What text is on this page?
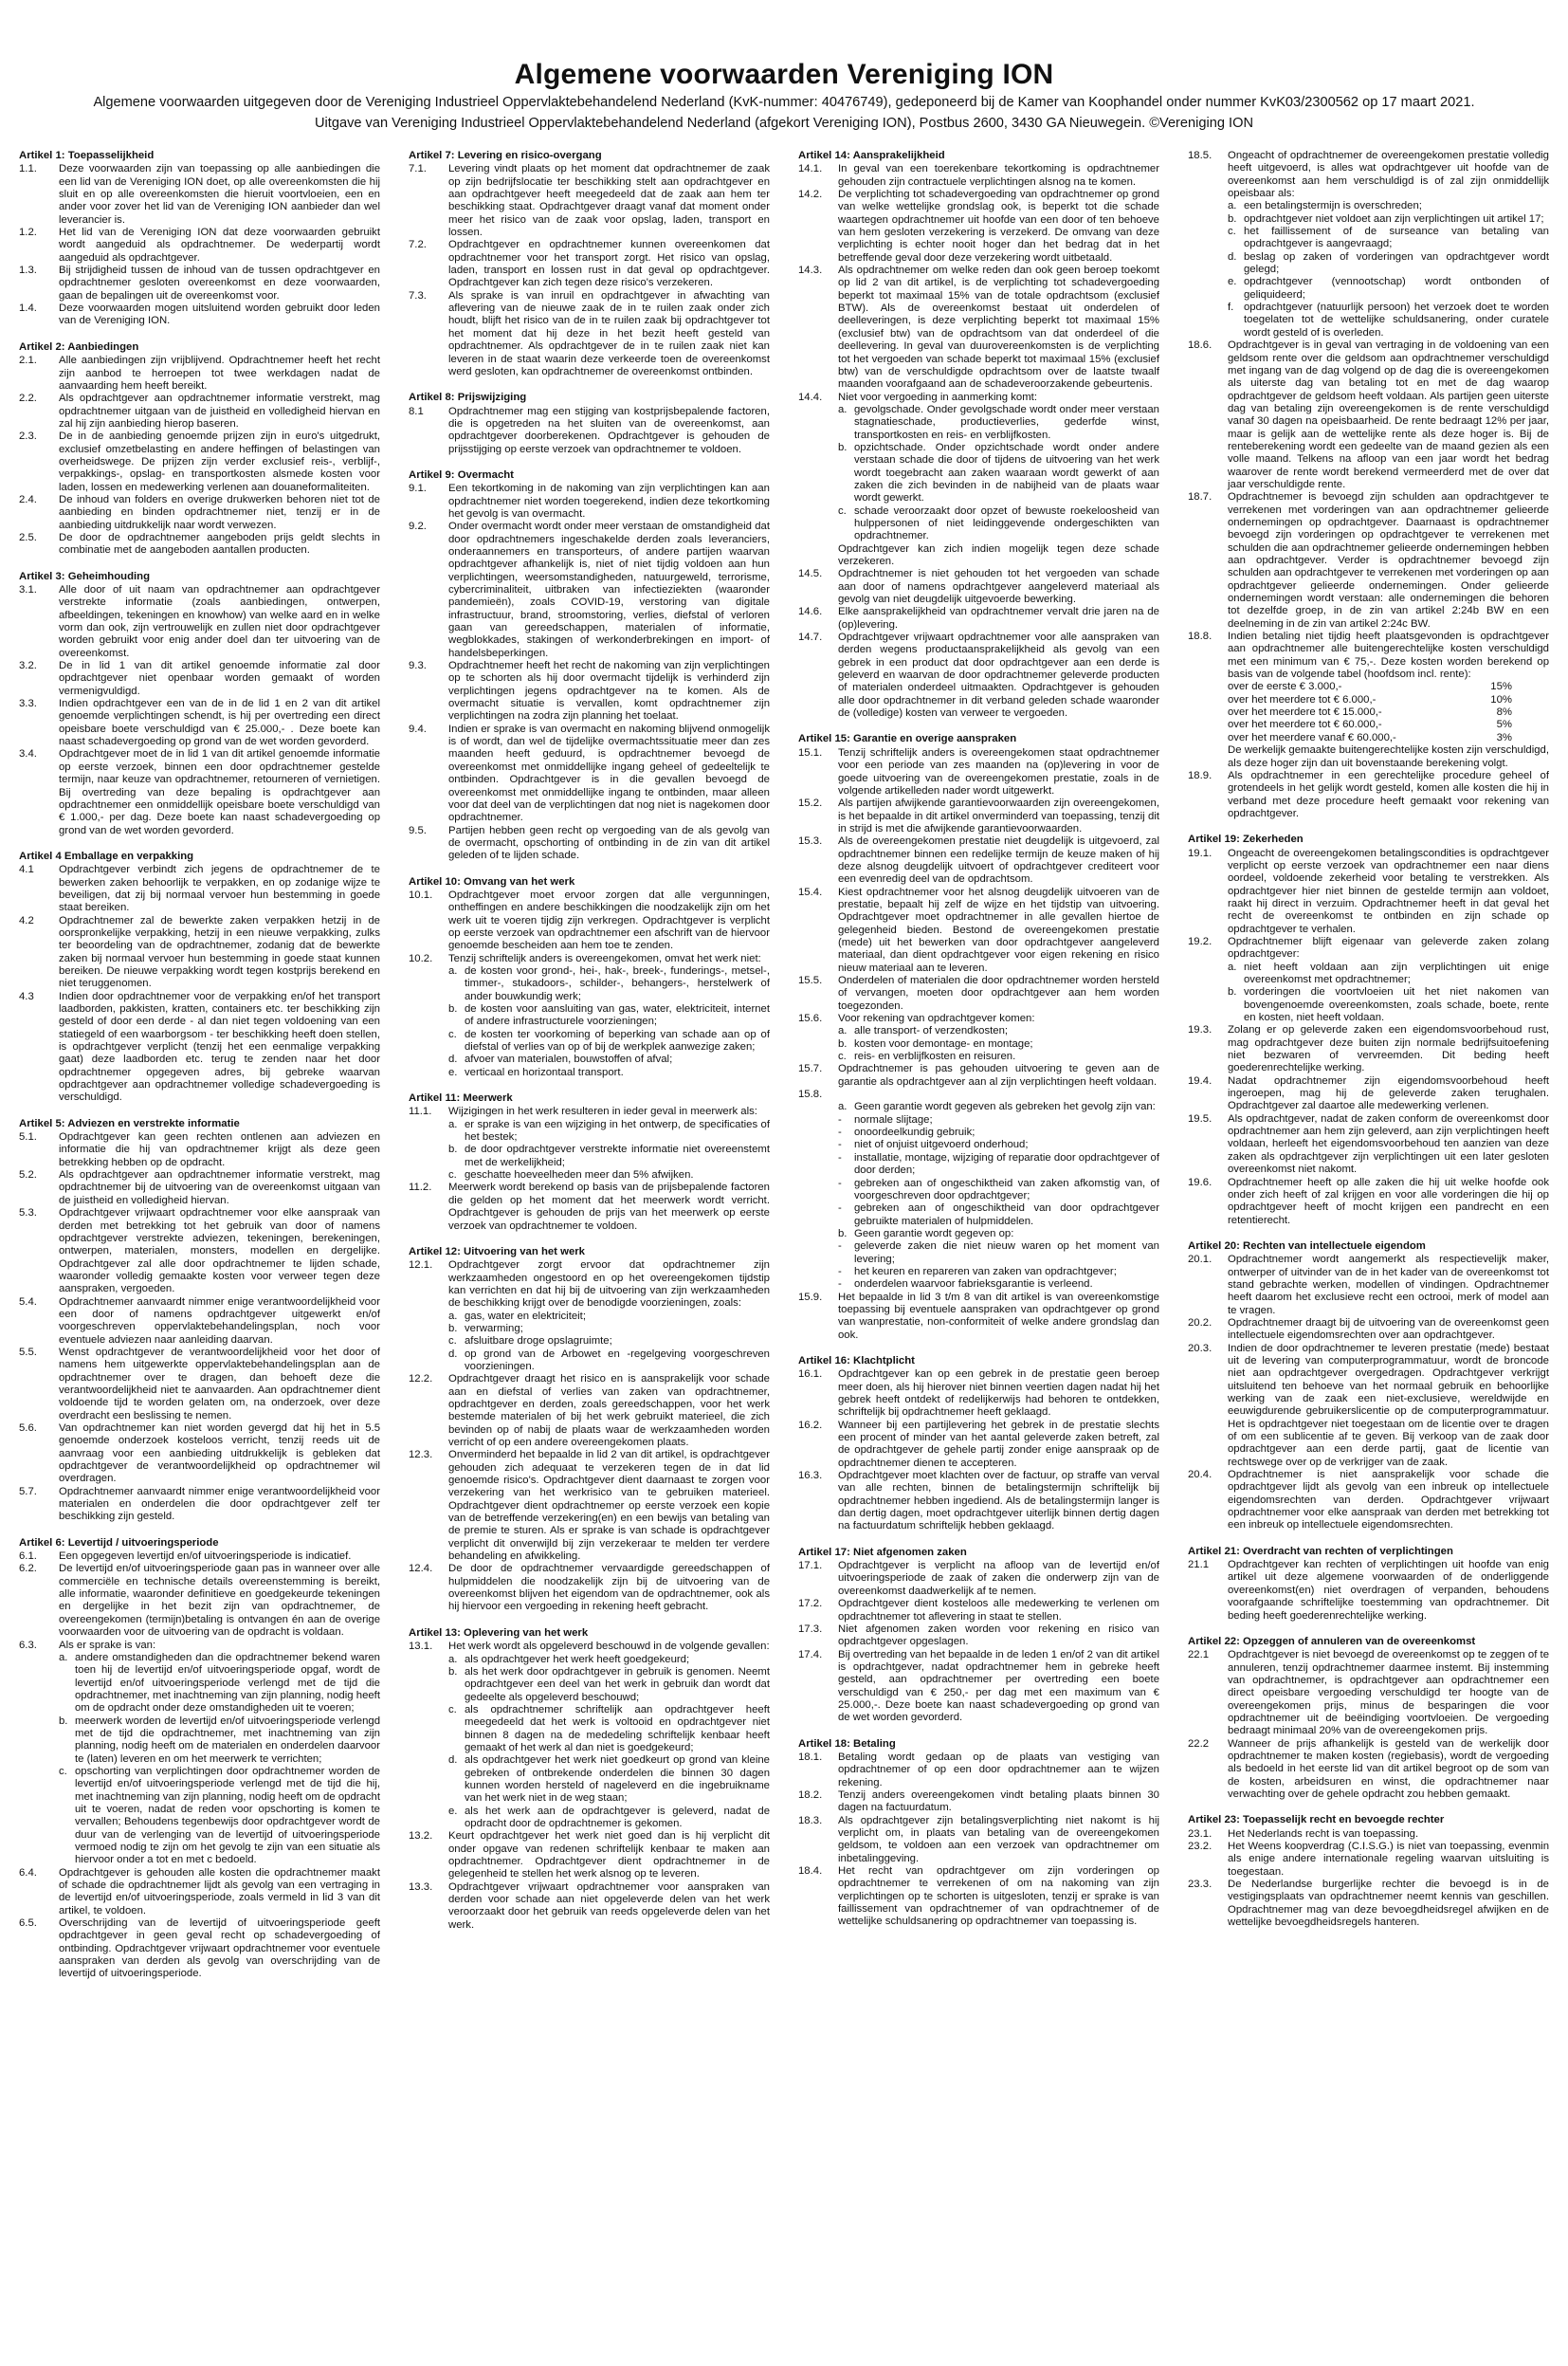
Algemene voorwaarden Vereniging ION

Algemene voorwaarden uitgegeven door de Vereniging Industrieel Oppervlaktebehandelend Nederland (KvK-nummer: 40476749), gedeponeerd bij de Kamer van Koophandel onder nummer KvK03/2300562 op 17 maart 2021.

Uitgave van Vereniging Industrieel Oppervlaktebehandelend Nederland (afgekort Vereniging ION), Postbus 2600, 3430 GA Nieuwegein. ©Vereniging ION

Artikel 1: Toepasselijkheid
1.1.	Deze voorwaarden zijn van toepassing op alle aanbiedingen die een lid van de Vereniging ION doet, op alle overeenkomsten die hij sluit en op alle overeenkomsten die hieruit voortvloeien, een en ander voor zover het lid van de Vereniging ION aanbieder dan wel leverancier is.
1.2.	Het lid van de Vereniging ION dat deze voorwaarden gebruikt wordt aangeduid als opdrachtnemer. De wederpartij wordt aangeduid als opdrachtgever.
1.3.	Bij strijdigheid tussen de inhoud van de tussen opdrachtgever en opdrachtnemer gesloten overeenkomst en deze voorwaarden, gaan de bepalingen uit de overeenkomst voor.
1.4.	Deze voorwaarden mogen uitsluitend worden gebruikt door leden van de Vereniging ION.
Artikel 2: Aanbiedingen
2.1.	Alle aanbiedingen zijn vrijblijvend. Opdrachtnemer heeft het recht zijn aanbod te herroepen tot twee werkdagen nadat de aanvaarding hem heeft bereikt.
2.2.	Als opdrachtgever aan opdrachtnemer informatie verstrekt, mag opdrachtnemer uitgaan van de juistheid en volledigheid hiervan en zal hij zijn aanbieding hierop baseren.
2.3.	De in de aanbieding genoemde prijzen zijn in euro's uitgedrukt, exclusief omzetbelasting en andere heffingen of belastingen van overheidswege. De prijzen zijn verder exclusief reis-, verblijf-, verpakkings-, opslag- en transportkosten alsmede kosten voor laden, lossen en medewerking verlenen aan douaneformaliteiten.
2.4.	De inhoud van folders en overige drukwerken behoren niet tot de aanbieding en binden opdrachtnemer niet, tenzij er in de aanbieding uitdrukkelijk naar wordt verwezen.
2.5.	De door de opdrachtnemer aangeboden prijs geldt slechts in combinatie met de aangeboden aantallen producten.
Artikel 3: Geheimhouding
3.1.	Alle door of uit naam van opdrachtnemer aan opdrachtgever verstrekte informatie (zoals aanbiedingen, ontwerpen, afbeeldingen, tekeningen en knowhow) van welke aard en in welke vorm dan ook, zijn vertrouwelijk en zullen niet door opdrachtgever worden gebruikt voor enig ander doel dan ter uitvoering van de overeenkomst.
3.2.	De in lid 1 van dit artikel genoemde informatie zal door opdrachtgever niet openbaar worden gemaakt of worden vermenigvuldigd.
3.3.	Indien opdrachtgever een van de in de lid 1 en 2 van dit artikel genoemde verplichtingen schendt, is hij per overtreding een direct opeisbare boete verschuldigd van € 25.000,- . Deze boete kan naast schadevergoeding op grond van de wet worden gevorderd.
3.4.	Opdrachtgever moet de in lid 1 van dit artikel genoemde informatie op eerste verzoek, binnen een door opdrachtnemer gestelde termijn, naar keuze van opdrachtnemer, retourneren of vernietigen. Bij overtreding van deze bepaling is opdrachtgever aan opdrachtnemer een onmiddellijk opeisbare boete verschuldigd van € 1.000,- per dag. Deze boete kan naast schadevergoeding op grond van de wet worden gevorderd.
Artikel 4 Emballage en verpakking
4.1	Opdrachtgever verbindt zich jegens de opdrachtnemer de te bewerken zaken behoorlijk te verpakken, en op zodanige wijze te beveiligen, dat zij bij normaal vervoer hun bestemming in goede staat bereiken.
4.2	Opdrachtnemer zal de bewerkte zaken verpakken hetzij in de oorspronkelijke verpakking, hetzij in een nieuwe verpakking, zulks ter beoordeling van de opdrachtnemer, zodanig dat de bewerkte zaken bij normaal vervoer hun bestemming in goede staat kunnen bereiken. De nieuwe verpakking wordt tegen kostprijs berekend en niet teruggenomen.
4.3	Indien door opdrachtnemer voor de verpakking en/of het transport laadborden, pakkisten, kratten, containers etc. ter beschikking zijn gesteld of door een derde - al dan niet tegen voldoening van een statiegeld of een waarborgsom - ter beschikking heeft doen stellen, is opdrachtgever verplicht (tenzij het een eenmalige verpakking gaat) deze laadborden etc. terug te zenden naar het door opdrachtnemer opgegeven adres, bij gebreke waarvan opdrachtgever aan opdrachtnemer volledige schadevergoeding is verschuldigd.
Artikel 5: Adviezen en verstrekte informatie
5.1.	Opdrachtgever kan geen rechten ontlenen aan adviezen en informatie die hij van opdrachtnemer krijgt als deze geen betrekking hebben op de opdracht.
5.2.	Als opdrachtgever aan opdrachtnemer informatie verstrekt, mag opdrachtnemer bij de uitvoering van de overeenkomst uitgaan van de juistheid en volledigheid hiervan.
5.3.	Opdrachtgever vrijwaart opdrachtnemer voor elke aanspraak van derden met betrekking tot het gebruik van door of namens opdrachtgever verstrekte adviezen, tekeningen, berekeningen, ontwerpen, materialen, monsters, modellen en dergelijke. Opdrachtgever zal alle door opdrachtnemer te lijden schade, waaronder volledig gemaakte kosten voor verweer tegen deze aanspraken, vergoeden.
5.4.	Opdrachtnemer aanvaardt nimmer enige verantwoordelijkheid voor een door of namens opdrachtgever uitgewerkt en/of voorgeschreven oppervlaktebehandelingsplan, noch voor eventuele adviezen naar aanleiding daarvan.
5.5.	Wenst opdrachtgever de verantwoordelijkheid voor het door of namens hem uitgewerkte oppervlaktebehandelingsplan aan de opdrachtnemer over te dragen, dan behoeft deze die verantwoordelijkheid niet te aanvaarden. Aan opdrachtnemer dient voldoende tijd te worden gelaten om, na onderzoek, over deze overdracht een beslissing te nemen.
5.6.	Van opdrachtnemer kan niet worden gevergd dat hij het in 5.5 genoemde onderzoek kosteloos verricht, tenzij reeds uit de aanvraag voor een aanbieding uitdrukkelijk is gebleken dat opdrachtgever de verantwoordelijkheid op opdrachtnemer wil overdragen.
5.7.	Opdrachtnemer aanvaardt nimmer enige verantwoordelijkheid voor materialen en onderdelen die door opdrachtgever zelf ter beschikking zijn gesteld.
Artikel 6: Levertijd / uitvoeringsperiode
6.1.	Een opgegeven levertijd en/of uitvoeringsperiode is indicatief.
6.2.	De levertijd en/of uitvoeringsperiode gaan pas in wanneer over alle commerciële en technische details overeenstemming is bereikt, alle informatie, waaronder definitieve en goedgekeurde tekeningen en dergelijke in het bezit zijn van opdrachtnemer, de overeengekomen (termijn)betaling is ontvangen én aan de overige voorwaarden voor de uitvoering van de opdracht is voldaan.
6.3.	Als er sprake is van:
a. andere omstandigheden dan die opdrachtnemer bekend waren toen hij de levertijd en/of uitvoeringsperiode opgaf, wordt de levertijd en/of uitvoeringsperiode verlengd met de tijd die opdrachtnemer, met inachtneming van zijn planning, nodig heeft om de opdracht onder deze omstandigheden uit te voeren;
b. meerwerk worden de levertijd en/of uitvoeringsperiode verlengd met de tijd die opdrachtnemer, met inachtneming van zijn planning, nodig heeft om de materialen en onderdelen daarvoor te (laten) leveren en om het meerwerk te verrichten;
c. opschorting van verplichtingen door opdrachtnemer worden de levertijd en/of uitvoeringsperiode verlengd met de tijd die hij, met inachtneming van zijn planning, nodig heeft om de opdracht uit te voeren, nadat de reden voor opschorting is komen te vervallen; Behoudens tegenbewijs door opdrachtgever wordt de duur van de verlenging van de levertijd of uitvoeringsperiode vermoed nodig te zijn om het gevolg te zijn van een situatie als hiervoor onder a tot en met c bedoeld.
6.4.	Opdrachtgever is gehouden alle kosten die opdrachtnemer maakt of schade die opdrachtnemer lijdt als gevolg van een vertraging in de levertijd en/of uitvoeringsperiode, zoals vermeld in lid 3 van dit artikel, te voldoen.
6.5.	Overschrijding van de levertijd of uitvoeringsperiode geeft opdrachtgever in geen geval recht op schadevergoeding of ontbinding. Opdrachtgever vrijwaart opdrachtnemer voor eventuele aanspraken van derden als gevolg van overschrijding van de levertijd of uitvoeringsperiode.
Artikel 7: Levering en risico-overgang
7.1.	Levering vindt plaats op het moment dat opdrachtnemer de zaak op zijn bedrijfslocatie ter beschikking stelt aan opdrachtgever en aan opdrachtgever heeft meegedeeld dat de zaak aan hem ter beschikking staat. Opdrachtgever draagt vanaf dat moment onder meer het risico van de zaak voor opslag, laden, transport en lossen.
7.2.	Opdrachtgever en opdrachtnemer kunnen overeenkomen dat opdrachtnemer voor het transport zorgt. Het risico van opslag, laden, transport en lossen rust in dat geval op opdrachtgever. Opdrachtgever kan zich tegen deze risico's verzekeren.
7.3.	Als sprake is van inruil en opdrachtgever in afwachting van aflevering van de nieuwe zaak de in te ruilen zaak onder zich houdt, blijft het risico van de in te ruilen zaak bij opdrachtgever tot het moment dat hij deze in het bezit heeft gesteld van opdrachtnemer. Als opdrachtgever de in te ruilen zaak niet kan leveren in de staat waarin deze verkeerde toen de overeenkomst werd gesloten, kan opdrachtnemer de overeenkomst ontbinden.
Artikel 8: Prijswijziging
8.1	Opdrachtnemer mag een stijging van kostprijsbepalende factoren, die is opgetreden na het sluiten van de overeenkomst, aan opdrachtgever doorberekenen. Opdrachtgever is gehouden de prijsstijging op eerste verzoek van opdrachtnemer te voldoen.
Artikel 9: Overmacht
9.1.	Een tekortkoming in de nakoming van zijn verplichtingen kan aan opdrachtnemer niet worden toegerekend, indien deze tekortkoming het gevolg is van overmacht.
9.2.	Onder overmacht wordt onder meer verstaan de omstandigheid dat door opdrachtnemers ingeschakelde derden zoals leveranciers, onderaannemers en transporteurs, of andere partijen waarvan opdrachtgever afhankelijk is, niet of niet tijdig voldoen aan hun verplichtingen, weersomstandigheden, natuurgeweld, terrorisme, cybercriminaliteit, uitbraken van infectieziekten (waaronder pandemieën), zoals COVID-19, verstoring van digitale infrastructuur, brand, stroomstoring, verlies, diefstal of verloren gaan van gereedschappen, materialen of informatie, wegblokkades, stakingen of werkonderbrekingen en import- of handelsbeperkingen.
9.3.	Opdrachtnemer heeft het recht de nakoming van zijn verplichtingen op te schorten als hij door overmacht tijdelijk is verhinderd zijn verplichtingen jegens opdrachtgever na te komen. Als de overmacht situatie is vervallen, komt opdrachtnemer zijn verplichtingen na zodra zijn planning het toelaat.
9.4.	Indien er sprake is van overmacht en nakoming blijvend onmogelijk is of wordt, dan wel de tijdelijke overmachtssituatie meer dan zes maanden heeft geduurd, is opdrachtnemer bevoegd de overeenkomst met onmiddellijke ingang geheel of gedeeltelijk te ontbinden. Opdrachtgever is in die gevallen bevoegd de overeenkomst met onmiddellijke ingang te ontbinden, maar alleen voor dat deel van de verplichtingen dat nog niet is nagekomen door opdrachtnemer.
9.5.	Partijen hebben geen recht op vergoeding van de als gevolg van de overmacht, opschorting of ontbinding in de zin van dit artikel geleden of te lijden schade.
Artikel 10: Omvang van het werk
10.1.	Opdrachtgever moet ervoor zorgen dat alle vergunningen, ontheffingen en andere beschikkingen die noodzakelijk zijn om het werk uit te voeren tijdig zijn verkregen. Opdrachtgever is verplicht op eerste verzoek van opdrachtnemer een afschrift van de hiervoor genoemde bescheiden aan hem toe te zenden.
10.2.	Tenzij schriftelijk anders is overeengekomen, omvat het werk niet:
a. de kosten voor grond-, hei-, hak-, breek-, funderings-, metsel-, timmer-, stukadoors-, schilder-, behangers-, herstelwerk of ander bouwkundig werk;
b. de kosten voor aansluiting van gas, water, elektriciteit, internet of andere infrastructurele voorzieningen;
c. de kosten ter voorkoming of beperking van schade aan op of diefstal of verlies van op of bij de werkplek aanwezige zaken;
d. afvoer van materialen, bouwstoffen of afval;
e. verticaal en horizontaal transport.
Artikel 11: Meerwerk
11.1.	Wijzigingen in het werk resulteren in ieder geval in meerwerk als:
a. er sprake is van een wijziging in het ontwerp, de specificaties of het bestek;
b. de door opdrachtgever verstrekte informatie niet overeenstemt met de werkelijkheid;
c. geschatte hoeveelheden meer dan 5% afwijken.
11.2.	Meerwerk wordt berekend op basis van de prijsbepalende factoren die gelden op het moment dat het meerwerk wordt verricht. Opdrachtgever is gehouden de prijs van het meerwerk op eerste verzoek van opdrachtnemer te voldoen.
Artikel 12: Uitvoering van het werk
12.1.	Opdrachtgever zorgt ervoor dat opdrachtnemer zijn werkzaamheden ongestoord en op het overeengekomen tijdstip kan verrichten en dat hij bij de uitvoering van zijn werkzaamheden de beschikking krijgt over de benodigde voorzieningen, zoals:
a. gas, water en elektriciteit;
b. verwarming;
c. afsluitbare droge opslagruimte;
d. op grond van de Arbowet en -regelgeving voorgeschreven voorzieningen.
12.2.	Opdrachtgever draagt het risico en is aansprakelijk voor schade aan en diefstal of verlies van zaken van opdrachtnemer, opdrachtgever en derden, zoals gereedschappen, voor het werk bestemde materialen of bij het werk gebruikt materieel, die zich bevinden op of nabij de plaats waar de werkzaamheden worden verricht of op een andere overeengekomen plaats.
12.3.	Onverminderd het bepaalde in lid 2 van dit artikel, is opdrachtgever gehouden zich adequaat te verzekeren tegen de in dat lid genoemde risico's. Opdrachtgever dient daarnaast te zorgen voor verzekering van het werkrisico van te gebruiken materieel. Opdrachtgever dient opdrachtnemer op eerste verzoek een kopie van de betreffende verzekering(en) en een bewijs van betaling van de premie te sturen. Als er sprake is van schade is opdrachtgever verplicht dit onverwijld bij zijn verzekeraar te melden ter verdere behandeling en afwikkeling.
12.4.	De door de opdrachtnemer vervaardigde gereedschappen of hulpmiddelen die noodzakelijk zijn bij de uitvoering van de overeenkomst blijven het eigendom van de opdrachtnemer, ook als hij hiervoor een vergoeding in rekening heeft gebracht.
Artikel 13: Oplevering van het werk
13.1.	Het werk wordt als opgeleverd beschouwd in de volgende gevallen:
a. als opdrachtgever het werk heeft goedgekeurd;
b. als het werk door opdrachtgever in gebruik is genomen. Neemt opdrachtgever een deel van het werk in gebruik dan wordt dat gedeelte als opgeleverd beschouwd;
c. als opdrachtnemer schriftelijk aan opdrachtgever heeft meegedeeld dat het werk is voltooid en opdrachtgever niet binnen 8 dagen na de mededeling schriftelijk kenbaar heeft gemaakt of het werk al dan niet is goedgekeurd;
d. als opdrachtgever het werk niet goedkeurt op grond van kleine gebreken of ontbrekende onderdelen die binnen 30 dagen kunnen worden hersteld of nageleverd en die ingebruikname van het werk niet in de weg staan;
e. als het werk aan de opdrachtgever is geleverd, nadat de opdracht door de opdrachtnemer is gekomen.
13.2.	Keurt opdrachtgever het werk niet goed dan is hij verplicht dit onder opgave van redenen schriftelijk kenbaar te maken aan opdrachtnemer. Opdrachtgever dient opdrachtnemer in de gelegenheid te stellen het werk alsnog op te leveren.
13.3.	Opdrachtgever vrijwaart opdrachtnemer voor aanspraken van derden voor schade aan niet opgeleverde delen van het werk veroorzaakt door het gebruik van reeds opgeleverde delen van het werk.
Artikel 14: Aansprakelijkheid
14.1.	In geval van een toerekenbare tekortkoming is opdrachtnemer gehouden zijn contractuele verplichtingen alsnog na te komen.
14.2.	De verplichting tot schadevergoeding van opdrachtnemer op grond van welke wettelijke grondslag ook, is beperkt tot die schade waartegen opdrachtnemer uit hoofde van een door of ten behoeve van hem gesloten verzekering is verzekerd. De omvang van deze verplichting is echter nooit hoger dan het bedrag dat in het betreffende geval door deze verzekering wordt uitbetaald.
14.3.	Als opdrachtnemer om welke reden dan ook geen beroep toekomt op lid 2 van dit artikel, is de verplichting tot schadevergoeding beperkt tot maximaal 15% van de totale opdrachtsom (exclusief BTW). Als de overeenkomst bestaat uit onderdelen of deelleveringen, is deze verplichting beperkt tot maximaal 15% (exclusief btw) van de opdrachtsom van dat onderdeel of die deellevering. In geval van duurovereenkomsten is de verplichting tot het vergoeden van schade beperkt tot maximaal 15% (exclusief btw) van de verschuldigde opdrachtsom over de laatste twaalf maanden voorafgaand aan de schadeveroorzakende gebeurtenis.
14.4.	Niet voor vergoeding in aanmerking komt:
a. gevolgschade. Onder gevolgschade wordt onder meer verstaan stagnatieschade, productieverlies, gederfde winst, transportkosten en reis- en verblijfkosten.
b. opzichtschade. Onder opzichtschade wordt onder andere verstaan schade die door of tijdens de uitvoering van het werk wordt toegebracht aan zaken waaraan wordt gewerkt of aan zaken die zich bevinden in de nabijheid van de plaats waar wordt gewerkt.
c. schade veroorzaakt door opzet of bewuste roekeloosheid van hulppersonen of niet leidinggevende ondergeschikten van opdrachtnemer.
Opdrachtgever kan zich indien mogelijk tegen deze schade verzekeren.
14.5.	Opdrachtnemer is niet gehouden tot het vergoeden van schade aan door of namens opdrachtgever aangeleverd materiaal als gevolg van niet deugdelijk uitgevoerde bewerking.
14.6.	Elke aansprakelijkheid van opdrachtnemer vervalt drie jaren na de (op)levering.
14.7.	Opdrachtgever vrijwaart opdrachtnemer voor alle aanspraken van derden wegens productaansprakelijkheid als gevolg van een gebrek in een product dat door opdrachtgever aan een derde is geleverd en waarvan de door opdrachtnemer geleverde producten of materialen onderdeel uitmaakten. Opdrachtgever is gehouden alle door opdrachtnemer in dit verband geleden schade waaronder de (volledige) kosten van verweer te vergoeden.
Artikel 15: Garantie en overige aanspraken
15.1.	Tenzij schriftelijk anders is overeengekomen staat opdrachtnemer voor een periode van zes maanden na (op)levering in voor de goede uitvoering van de overeengekomen prestatie, zoals in de volgende artikelleden nader wordt uitgewerkt.
15.2.	Als partijen afwijkende garantievoorwaarden zijn overeengekomen, is het bepaalde in dit artikel onverminderd van toepassing, tenzij dit in strijd is met die afwijkende garantievoorwaarden.
15.3.	Als de overeengekomen prestatie niet deugdelijk is uitgevoerd, zal opdrachtnemer binnen een redelijke termijn de keuze maken of hij deze alsnog deugdelijk uitvoert of opdrachtgever crediteert voor een evenredig deel van de opdrachtsom.
15.4.	Kiest opdrachtnemer voor het alsnog deugdelijk uitvoeren van de prestatie, bepaalt hij zelf de wijze en het tijdstip van uitvoering. Opdrachtgever moet opdrachtnemer in alle gevallen hiertoe de gelegenheid bieden. Bestond de overeengekomen prestatie (mede) uit het bewerken van door opdrachtgever aangeleverd materiaal, dan dient opdrachtgever voor eigen rekening en risico nieuw materiaal aan te leveren.
15.5.	Onderdelen of materialen die door opdrachtnemer worden hersteld of vervangen, moeten door opdrachtgever aan hem worden toegezonden.
15.6.	Voor rekening van opdrachtgever komen:
a. alle transport- of verzendkosten;
b. kosten voor demontage- en montage;
c. reis- en verblijfkosten en reisuren.
15.7.	Opdrachtnemer is pas gehouden uitvoering te geven aan de garantie als opdrachtgever aan al zijn verplichtingen heeft voldaan.
15.8.
a. Geen garantie wordt gegeven als gebreken het gevolg zijn van:
-	normale slijtage;
-	onoordeelkundig gebruik;
-	niet of onjuist uitgevoerd onderhoud;
-	installatie, montage, wijziging of reparatie door opdrachtgever of door derden;
-	gebreken aan of ongeschiktheid van zaken afkomstig van, of voorgeschreven door opdrachtgever;
-	gebreken aan of ongeschiktheid van door opdrachtgever gebruikte materialen of hulpmiddelen.
b. Geen garantie wordt gegeven op:
-	geleverde zaken die niet nieuw waren op het moment van levering;
-	het keuren en repareren van zaken van opdrachtgever;
-	onderdelen waarvoor fabrieksgarantie is verleend.
15.9.	Het bepaalde in lid 3 t/m 8 van dit artikel is van overeenkomstige toepassing bij eventuele aanspraken van opdrachtgever op grond van wanprestatie, non-conformiteit of welke andere grondslag dan ook.
Artikel 16: Klachtplicht
16.1.	Opdrachtgever kan op een gebrek in de prestatie geen beroep meer doen, als hij hierover niet binnen veertien dagen nadat hij het gebrek heeft ontdekt of redelijkerwijs had behoren te ontdekken, schriftelijk bij opdrachtnemer heeft geklaagd.
16.2.	Wanneer bij een partijlevering het gebrek in de prestatie slechts een procent of minder van het aantal geleverde zaken betreft, zal de opdrachtgever de gehele partij zonder enige aanspraak op de opdrachtnemer dienen te accepteren.
16.3.	Opdrachtgever moet klachten over de factuur, op straffe van verval van alle rechten, binnen de betalingstermijn schriftelijk bij opdrachtnemer hebben ingediend. Als de betalingstermijn langer is dan dertig dagen, moet opdrachtgever uiterlijk binnen dertig dagen na factuurdatum schriftelijk hebben geklaagd.
Artikel 17: Niet afgenomen zaken
17.1.	Opdrachtgever is verplicht na afloop van de levertijd en/of uitvoeringsperiode de zaak of zaken die onderwerp zijn van de overeenkomst daadwerkelijk af te nemen.
17.2.	Opdrachtgever dient kosteloos alle medewerking te verlenen om opdrachtnemer tot aflevering in staat te stellen.
17.3.	Niet afgenomen zaken worden voor rekening en risico van opdrachtgever opgeslagen.
17.4.	Bij overtreding van het bepaalde in de leden 1 en/of 2 van dit artikel is opdrachtgever, nadat opdrachtnemer hem in gebreke heeft gesteld, aan opdrachtnemer per overtreding een boete verschuldigd van € 250,- per dag met een maximum van € 25.000,-. Deze boete kan naast schadevergoeding op grond van de wet worden gevorderd.
Artikel 18: Betaling
18.1.	Betaling wordt gedaan op de plaats van vestiging van opdrachtnemer of op een door opdrachtnemer aan te wijzen rekening.
18.2.	Tenzij anders overeengekomen vindt betaling plaats binnen 30 dagen na factuurdatum.
18.3.	Als opdrachtgever zijn betalingsverplichting niet nakomt is hij verplicht om, in plaats van betaling van de overeengekomen geldsom, te voldoen aan een verzoek van opdrachtnemer om inbetalinggeving.
18.4.	Het recht van opdrachtgever om zijn vorderingen op opdrachtnemer te verrekenen of om na nakoming van zijn verplichtingen op te schorten is uitgesloten, tenzij er sprake is van faillissement van opdrachtnemer of van opdrachtnemer of de wettelijke schuldsanering op opdrachtnemer van toepassing is.
18.5.	Ongeacht of opdrachtnemer de overeengekomen prestatie volledig heeft uitgevoerd, is alles wat opdrachtgever uit hoofde van de overeenkomst aan hem verschuldigd is of zal zijn onmiddellijk opeisbaar als:
a. een betalingstermijn is overschreden;
b. opdrachtgever niet voldoet aan zijn verplichtingen uit artikel 17;
c. het faillissement of de surseance van betaling van opdrachtgever is aangevraagd;
d. beslag op zaken of vorderingen van opdrachtgever wordt gelegd;
e. opdrachtgever (vennootschap) wordt ontbonden of geliquideerd;
f. opdrachtgever (natuurlijk persoon) het verzoek doet te worden toegelaten tot de wettelijke schuldsanering, onder curatele wordt gesteld of is overleden.
18.6.	Opdrachtgever is in geval van vertraging in de voldoening van een geldsom rente over die geldsom aan opdrachtnemer verschuldigd met ingang van de dag volgend op de dag die is overeengekomen als uiterste dag van betaling tot en met de dag waarop opdrachtgever de geldsom heeft voldaan. Als partijen geen uiterste dag van betaling zijn overeengekomen is de rente verschuldigd vanaf 30 dagen na opeisbaarheid. De rente bedraagt 12% per jaar, maar is gelijk aan de wettelijke rente als deze hoger is. Bij de renteberekening wordt een gedeelte van de maand gezien als een volle maand. Telkens na afloop van een jaar wordt het bedrag waarover de rente wordt berekend vermeerderd met de over dat jaar verschuldigde rente.
18.7.	Opdrachtnemer is bevoegd zijn schulden aan opdrachtgever te verrekenen met vorderingen van aan opdrachtnemer gelieerde ondernemingen op opdrachtgever. Daarnaast is opdrachtnemer bevoegd zijn vorderingen op opdrachtgever te verrekenen met schulden die aan opdrachtnemer gelieerde ondernemingen hebben aan opdrachtgever. Verder is opdrachtnemer bevoegd zijn schulden aan opdrachtgever te verrekenen met vorderingen op aan opdrachtgever gelieerde ondernemingen. Onder gelieerde ondernemingen wordt verstaan: alle ondernemingen die behoren tot dezelfde groep, in de zin van artikel 2:24b BW en een deelneming in de zin van artikel 2:24c BW.
18.8.	Indien betaling niet tijdig heeft plaatsgevonden is opdrachtgever aan opdrachtnemer alle buitengerechtelijke kosten verschuldigd met een minimum van € 75,-. Deze kosten worden berekend op basis van de volgende tabel (hoofdsom incl. rente):
over de eerste € 3.000,-	15%
over het meerdere tot € 6.000,-	10%
over het meerdere tot € 15.000,-	8%
over het meerdere tot € 60.000,-	5%
over het meerdere vanaf € 60.000,-	3%
De werkelijk gemaakte buitengerechtelijke kosten zijn verschuldigd, als deze hoger zijn dan uit bovenstaande berekening volgt.
18.9.	Als opdrachtnemer in een gerechtelijke procedure geheel of grotendeels in het gelijk wordt gesteld, komen alle kosten die hij in verband met deze procedure heeft gemaakt voor rekening van opdrachtgever.
Artikel 19: Zekerheden
19.1.	Ongeacht de overeengekomen betalingscondities is opdrachtgever verplicht op eerste verzoek van opdrachtnemer een naar diens oordeel, voldoende zekerheid voor betaling te verstrekken. Als opdrachtgever hier niet binnen de gestelde termijn aan voldoet, raakt hij direct in verzuim. Opdrachtnemer heeft in dat geval het recht de overeenkomst te ontbinden en zijn schade op opdrachtgever te verhalen.
19.2.	Opdrachtnemer blijft eigenaar van geleverde zaken zolang opdrachtgever:
a. niet heeft voldaan aan zijn verplichtingen uit enige overeenkomst met opdrachtnemer;
b. vorderingen die voortvloeien uit het niet nakomen van bovengenoemde overeenkomsten, zoals schade, boete, rente en kosten, niet heeft voldaan.
19.3.	Zolang er op geleverde zaken een eigendomsvoorbehoud rust, mag opdrachtgever deze buiten zijn normale bedrijfsuitoefening niet bezwaren of vervreemden. Dit beding heeft goederenrechtelijke werking.
19.4.	Nadat opdrachtnemer zijn eigendomsvoorbehoud heeft ingeroepen, mag hij de geleverde zaken terughalen. Opdrachtgever zal daartoe alle medewerking verlenen.
19.5.	Als opdrachtgever, nadat de zaken conform de overeenkomst door opdrachtnemer aan hem zijn geleverd, aan zijn verplichtingen heeft voldaan, herleeft het eigendomsvoorbehoud ten aanzien van deze zaken als opdrachtgever zijn verplichtingen uit een later gesloten overeenkomst niet nakomt.
19.6.	Opdrachtnemer heeft op alle zaken die hij uit welke hoofde ook onder zich heeft of zal krijgen en voor alle vorderingen die hij op opdrachtgever heeft of mocht krijgen een pandrecht en een retentierecht.
Artikel 20: Rechten van intellectuele eigendom
20.1.	Opdrachtnemer wordt aangemerkt als respectievelijk maker, ontwerper of uitvinder van de in het kader van de overeenkomst tot stand gebrachte werken, modellen of vindingen. Opdrachtnemer heeft daarom het exclusieve recht een octrooi, merk of model aan te vragen.
20.2.	Opdrachtnemer draagt bij de uitvoering van de overeenkomst geen intellectuele eigendomsrechten over aan opdrachtgever.
20.3.	Indien de door opdrachtnemer te leveren prestatie (mede) bestaat uit de levering van computerprogrammatuur, wordt de broncode niet aan opdrachtgever overgedragen. Opdrachtgever verkrijgt uitsluitend ten behoeve van het normaal gebruik en behoorlijke werking van de zaak een niet-exclusieve, wereldwijde en eeuwigdurende gebruikerslicentie op de computerprogrammatuur. Het is opdrachtgever niet toegestaan om de licentie over te dragen of om een sublicentie af te geven. Bij verkoop van de zaak door opdrachtgever aan een derde partij, gaat de licentie van rechtswege over op de verkrijger van de zaak.
20.4.	Opdrachtnemer is niet aansprakelijk voor schade die opdrachtgever lijdt als gevolg van een inbreuk op intellectuele eigendomsrechten van derden. Opdrachtgever vrijwaart opdrachtnemer voor elke aanspraak van derden met betrekking tot een inbreuk op intellectuele eigendomsrechten.
Artikel 21: Overdracht van rechten of verplichtingen
21.1	Opdrachtgever kan rechten of verplichtingen uit hoofde van enig artikel uit deze algemene voorwaarden of de onderliggende overeenkomst(en) niet overdragen of verpanden, behoudens voorafgaande schriftelijke toestemming van opdrachtnemer. Dit beding heeft goederenrechtelijke werking.
Artikel 22: Opzeggen of annuleren van de overeenkomst
22.1	Opdrachtgever is niet bevoegd de overeenkomst op te zeggen of te annuleren, tenzij opdrachtnemer daarmee instemt. Bij instemming van opdrachtnemer, is opdrachtgever aan opdrachtnemer een direct opeisbare vergoeding verschuldigd ter hoogte van de overeengekomen prijs, minus de besparingen die voor opdrachtnemer uit de beëindiging voortvloeien. De vergoeding bedraagt minimaal 20% van de overeengekomen prijs.
22.2	Wanneer de prijs afhankelijk is gesteld van de werkelijk door opdrachtnemer te maken kosten (regiebasis), wordt de vergoeding als bedoeld in het eerste lid van dit artikel begroot op de som van de kosten, arbeidsuren en winst, die opdrachtnemer naar verwachting over de gehele opdracht zou hebben gemaakt.
Artikel 23: Toepasselijk recht en bevoegde rechter
23.1.	Het Nederlands recht is van toepassing.
23.2.	Het Weens koopverdrag (C.I.S.G.) is niet van toepassing, evenmin als enige andere internationale regeling waarvan uitsluiting is toegestaan.
23.3.	De Nederlandse burgerlijke rechter die bevoegd is in de vestigingsplaats van opdrachtnemer neemt kennis van geschillen. Opdrachtnemer mag van deze bevoegdheidsregel afwijken en de wettelijke bevoegdheidsregels hanteren.
